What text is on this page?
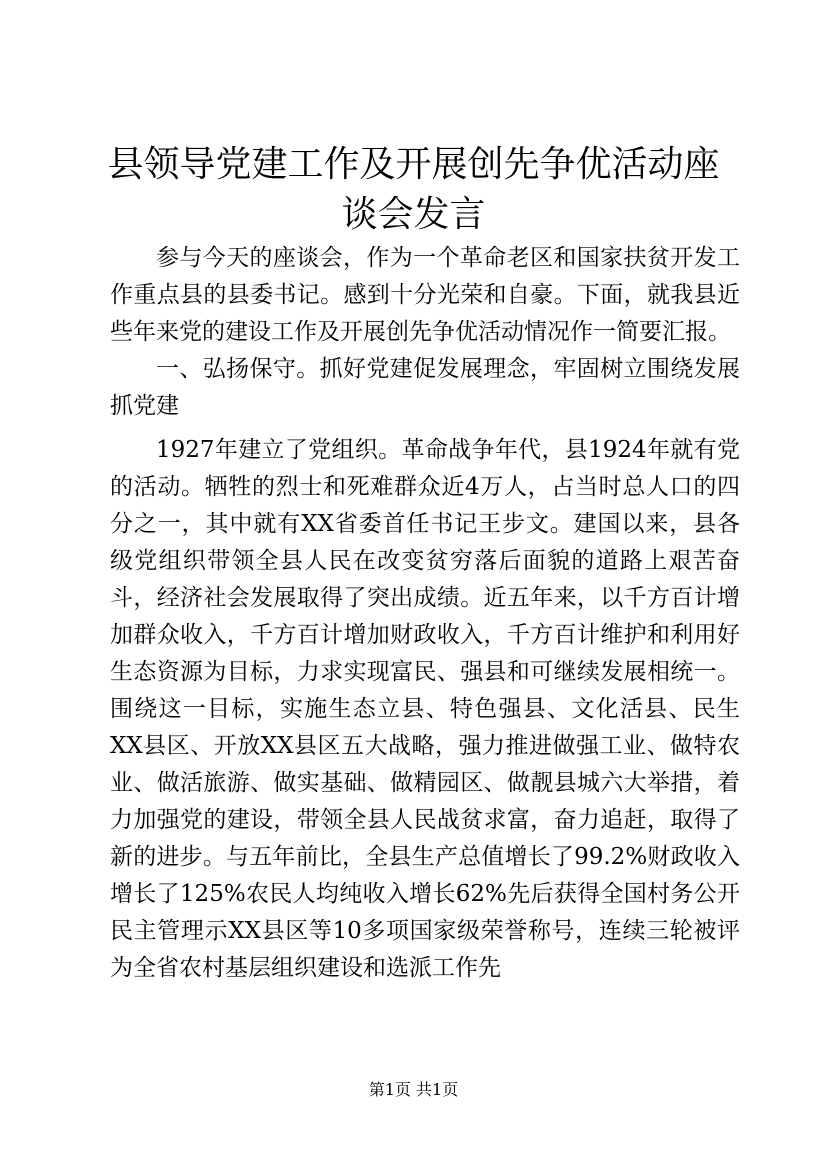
县领导党建工作及开展创先争优活动座谈会发言

参与今天的座谈会，作为一个革命老区和国家扶贫开发工作重点县的县委书记。感到十分光荣和自豪。下面，就我县近些年来党的建设工作及开展创先争优活动情况作一简要汇报。

一、弘扬保守。抓好党建促发展理念，牢固树立围绕发展抓党建

1927年建立了党组织。革命战争年代，县1924年就有党的活动。牺牲的烈士和死难群众近4万人，占当时总人口的四分之一，其中就有XX省委首任书记王步文。建国以来，县各级党组织带领全县人民在改变贫穷落后面貌的道路上艰苦奋斗，经济社会发展取得了突出成绩。近五年来，以千方百计增加群众收入，千方百计增加财政收入，千方百计维护和利用好生态资源为目标，力求实现富民、强县和可继续发展相统一。围绕这一目标，实施生态立县、特色强县、文化活县、民生XX县区、开放XX县区五大战略，强力推进做强工业、做特农业、做活旅游、做实基础、做精园区、做靓县城六大举措，着力加强党的建设，带领全县人民战贫求富，奋力追赶，取得了新的进步。与五年前比，全县生产总值增长了99.2%财政收入增长了125%农民人均纯收入增长62%先后获得全国村务公开民主管理示XX县区等10多项国家级荣誉称号，连续三轮被评为全省农村基层组织建设和选派工作先

第1页 共1页
